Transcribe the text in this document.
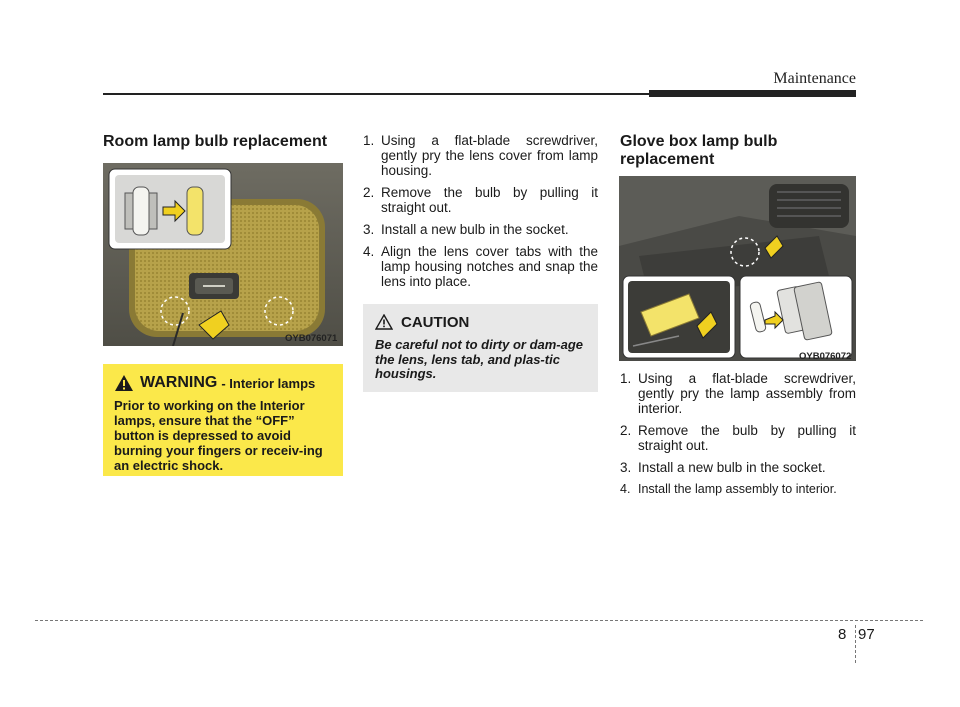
Maintenance
Room lamp bulb replacement
OYB076071
WARNING - Interior lamps
Prior to working on the Interior lamps, ensure that the “OFF” button is depressed to avoid burning your fingers or receiv-ing an electric shock.
1. Using a flat-blade screwdriver, gently pry the lens cover from lamp housing.
2. Remove the bulb by pulling it straight out.
3. Install a new bulb in the socket.
4. Align the lens cover tabs with the lamp housing notches and snap the lens into place.
CAUTION
Be careful not to dirty or dam-age the lens, lens tab, and plas-tic housings.
Glove box lamp bulb replacement
OYB076072
1. Using a flat-blade screwdriver, gently pry the lamp assembly from interior.
2. Remove the bulb by pulling it straight out.
3. Install a new bulb in the socket.
4. Install the lamp assembly to interior.
8 97
